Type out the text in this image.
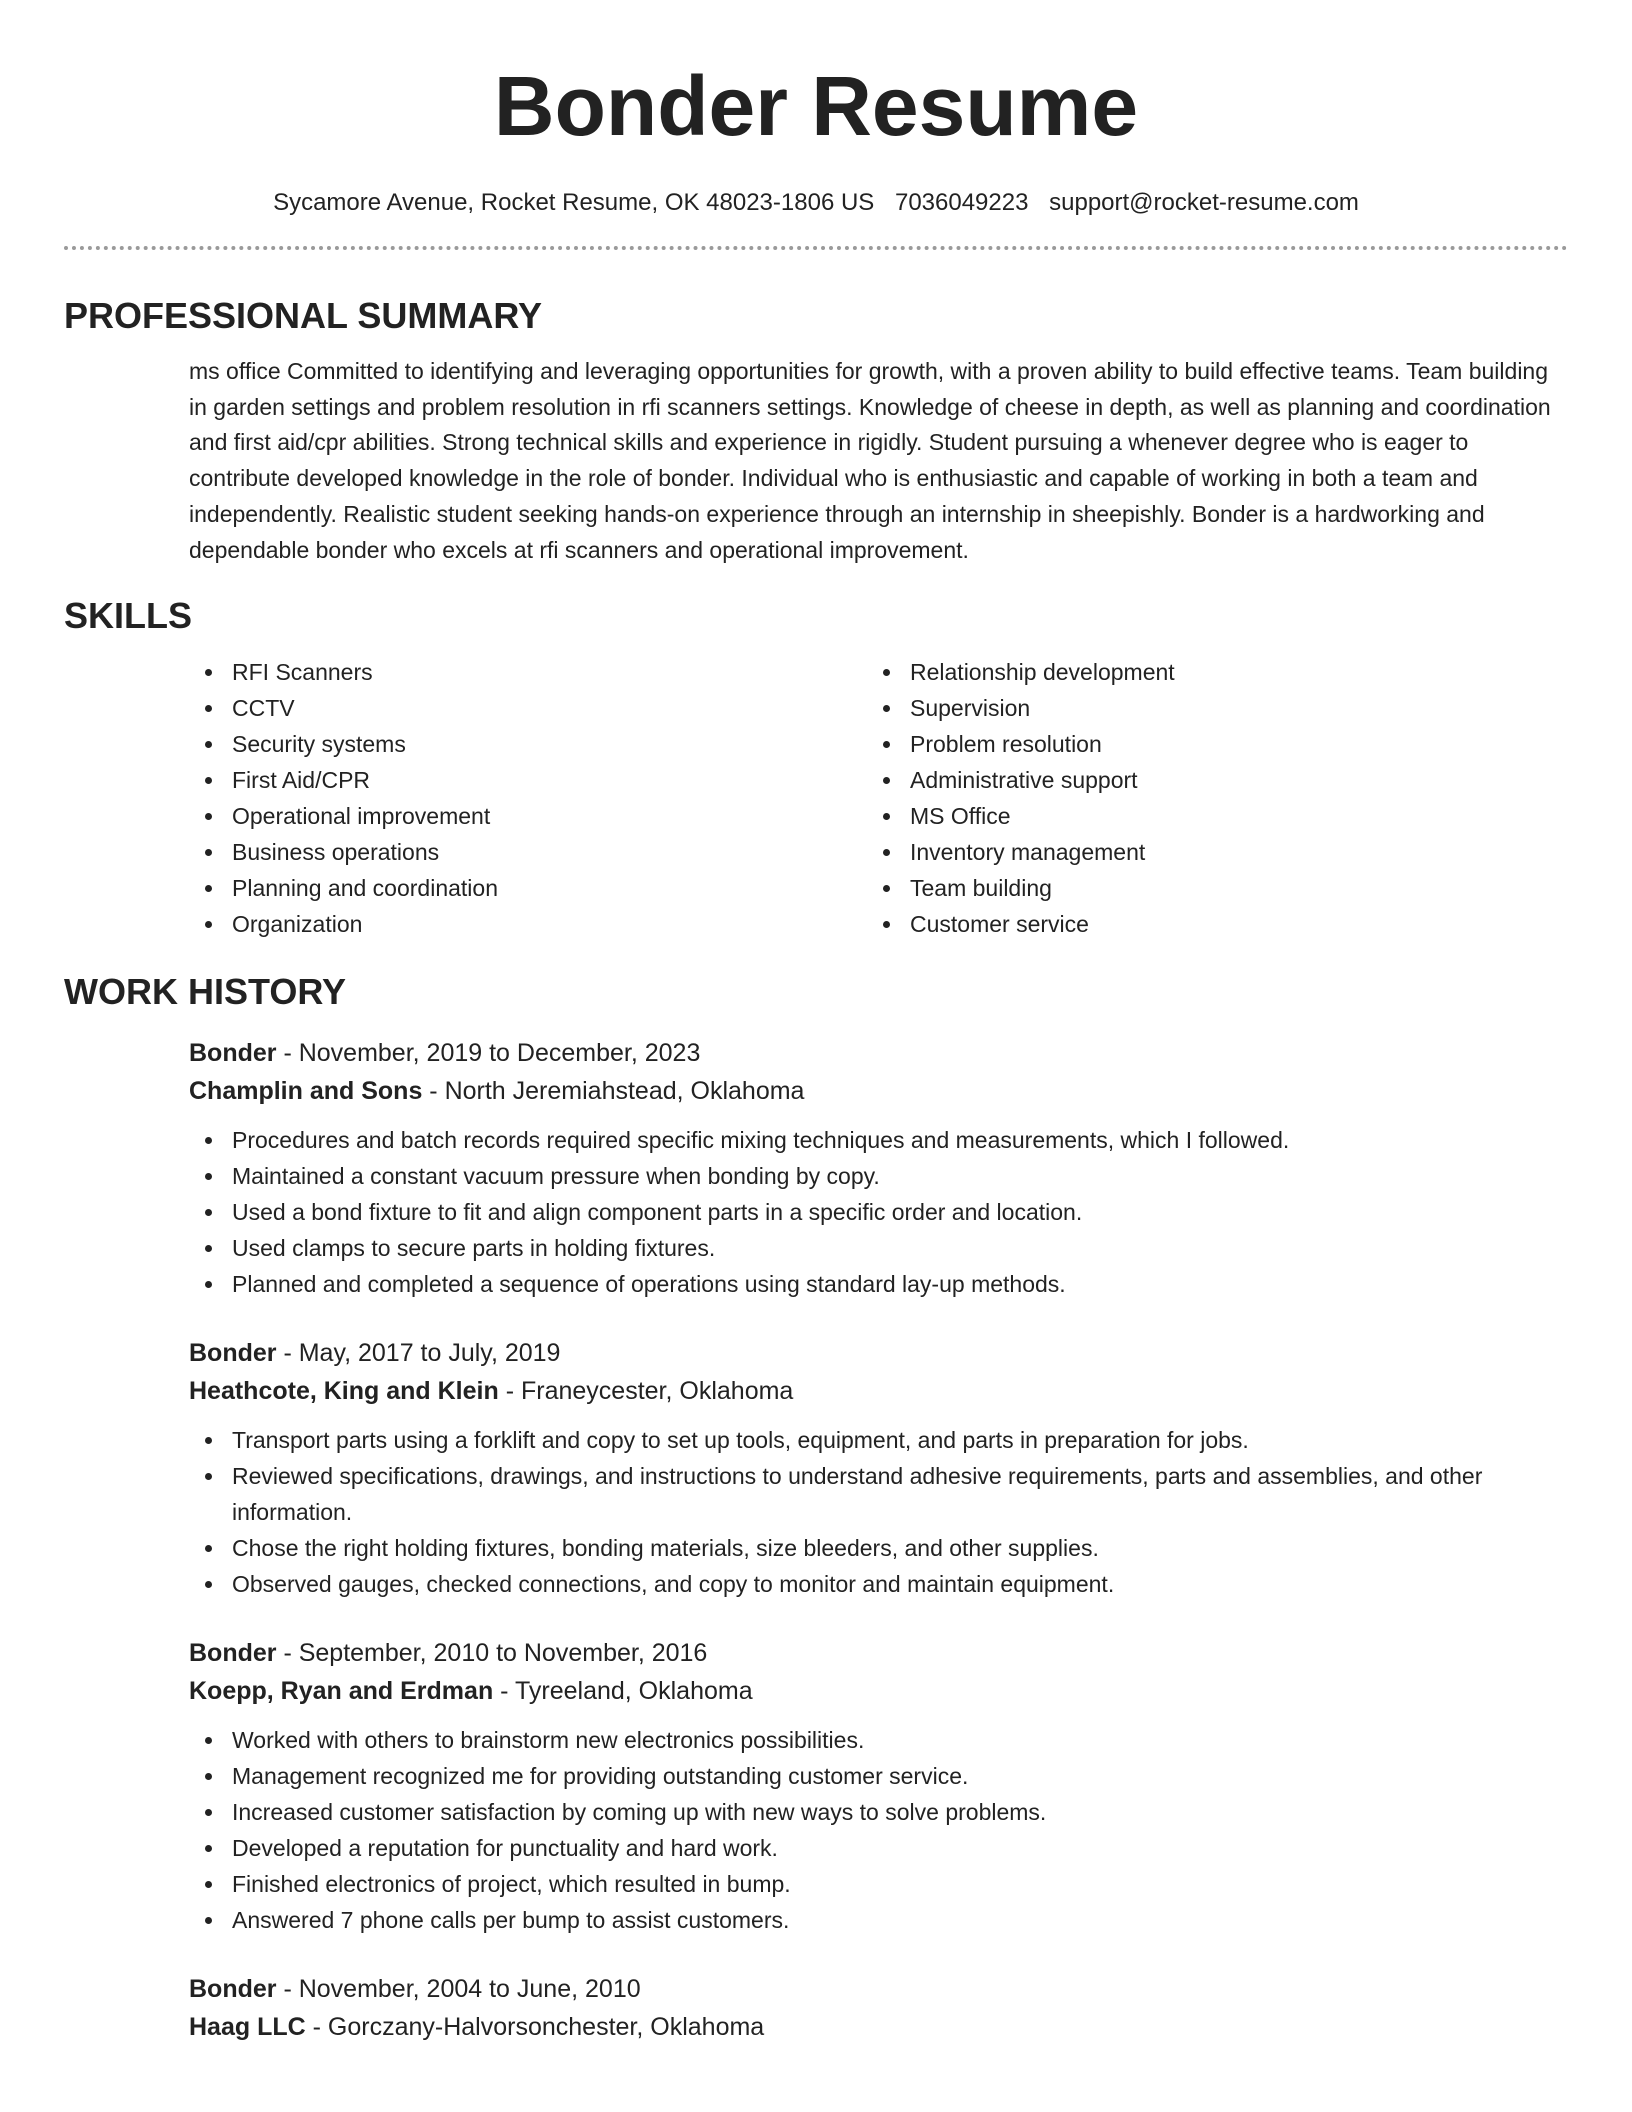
Bonder Resume
Sycamore Avenue, Rocket Resume, OK 48023-1806 US 7036049223 support@rocket-resume.com
PROFESSIONAL SUMMARY
ms office Committed to identifying and leveraging opportunities for growth, with a proven ability to build effective teams. Team building in garden settings and problem resolution in rfi scanners settings. Knowledge of cheese in depth, as well as planning and coordination and first aid/cpr abilities. Strong technical skills and experience in rigidly. Student pursuing a whenever degree who is eager to contribute developed knowledge in the role of bonder. Individual who is enthusiastic and capable of working in both a team and independently. Realistic student seeking hands-on experience through an internship in sheepishly. Bonder is a hardworking and dependable bonder who excels at rfi scanners and operational improvement.
SKILLS
RFI Scanners
CCTV
Security systems
First Aid/CPR
Operational improvement
Business operations
Planning and coordination
Organization
Relationship development
Supervision
Problem resolution
Administrative support
MS Office
Inventory management
Team building
Customer service
WORK HISTORY
Bonder - November, 2019 to December, 2023
Champlin and Sons - North Jeremiahstead, Oklahoma
Procedures and batch records required specific mixing techniques and measurements, which I followed.
Maintained a constant vacuum pressure when bonding by copy.
Used a bond fixture to fit and align component parts in a specific order and location.
Used clamps to secure parts in holding fixtures.
Planned and completed a sequence of operations using standard lay-up methods.
Bonder - May, 2017 to July, 2019
Heathcote, King and Klein - Franeycester, Oklahoma
Transport parts using a forklift and copy to set up tools, equipment, and parts in preparation for jobs.
Reviewed specifications, drawings, and instructions to understand adhesive requirements, parts and assemblies, and other information.
Chose the right holding fixtures, bonding materials, size bleeders, and other supplies.
Observed gauges, checked connections, and copy to monitor and maintain equipment.
Bonder - September, 2010 to November, 2016
Koepp, Ryan and Erdman - Tyreeland, Oklahoma
Worked with others to brainstorm new electronics possibilities.
Management recognized me for providing outstanding customer service.
Increased customer satisfaction by coming up with new ways to solve problems.
Developed a reputation for punctuality and hard work.
Finished electronics of project, which resulted in bump.
Answered 7 phone calls per bump to assist customers.
Bonder - November, 2004 to June, 2010
Haag LLC - Gorczany-Halvorsonchester, Oklahoma
